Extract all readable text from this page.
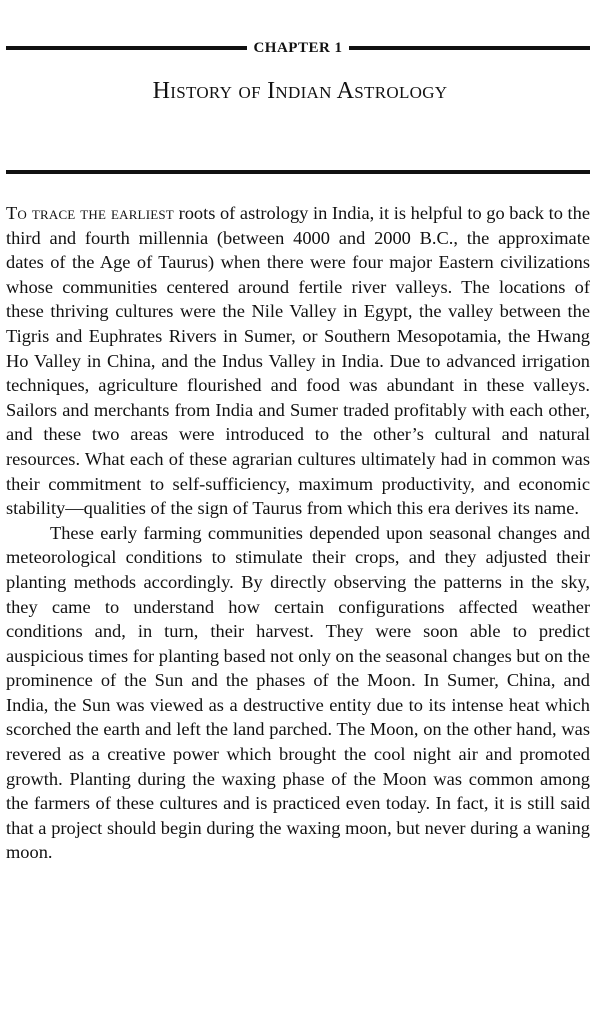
CHAPTER 1
History of Indian Astrology

To trace the earliest roots of astrology in India, it is helpful to go back to the third and fourth millennia (between 4000 and 2000 B.C., the approximate dates of the Age of Taurus) when there were four major Eastern civilizations whose communities centered around fertile river valleys. The locations of these thriving cultures were the Nile Valley in Egypt, the valley between the Tigris and Euphrates Rivers in Sumer, or Southern Mesopotamia, the Hwang Ho Valley in China, and the Indus Valley in India. Due to advanced irrigation techniques, agriculture flourished and food was abundant in these valleys. Sailors and merchants from India and Sumer traded profitably with each other, and these two areas were introduced to the other’s cultural and natural resources. What each of these agrarian cultures ultimately had in common was their commitment to self-sufficiency, maximum productivity, and economic stability—qualities of the sign of Taurus from which this era derives its name.

These early farming communities depended upon seasonal changes and meteorological conditions to stimulate their crops, and they adjusted their planting methods accordingly. By directly observing the patterns in the sky, they came to understand how certain configurations affected weather conditions and, in turn, their harvest. They were soon able to predict auspicious times for planting based not only on the seasonal changes but on the prominence of the Sun and the phases of the Moon. In Sumer, China, and India, the Sun was viewed as a destructive entity due to its intense heat which scorched the earth and left the land parched. The Moon, on the other hand, was revered as a creative power which brought the cool night air and promoted growth. Planting during the waxing phase of the Moon was common among the farmers of these cultures and is practiced even today. In fact, it is still said that a project should begin during the waxing moon, but never during a waning moon.
